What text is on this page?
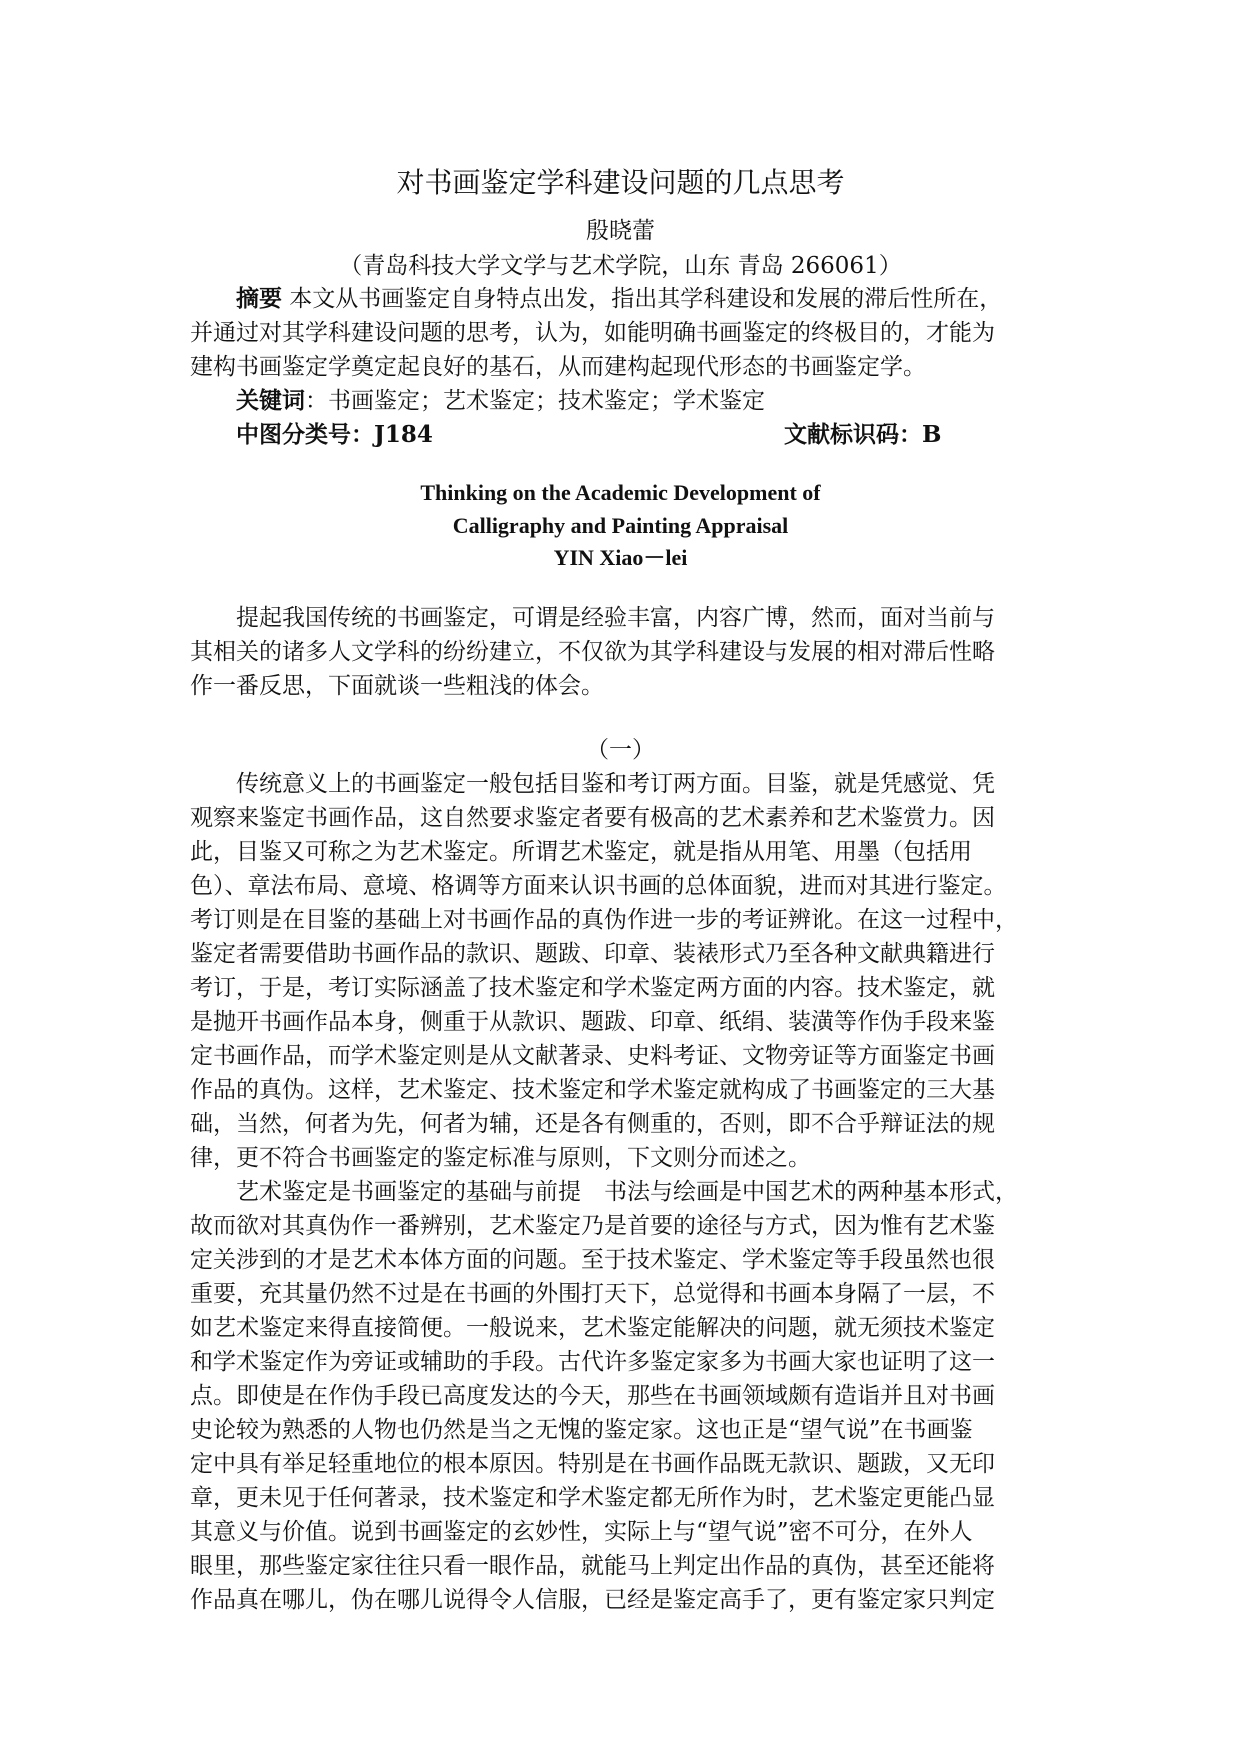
对书画鉴定学科建设问题的几点思考
殷晓蕾
（青岛科技大学文学与艺术学院，山东 青岛 266061）
摘要 本文从书画鉴定自身特点出发，指出其学科建设和发展的滞后性所在，
并通过对其学科建设问题的思考，认为，如能明确书画鉴定的终极目的，才能为
建构书画鉴定学奠定起良好的基石，从而建构起现代形态的书画鉴定学。
关键词：书画鉴定；艺术鉴定；技术鉴定；学术鉴定
中图分类号：J184	文献标识码：B
Thinking on the Academic Development of
Calligraphy and Painting Appraisal
YIN Xiao－lei
提起我国传统的书画鉴定，可谓是经验丰富，内容广博，然而，面对当前与
其相关的诸多人文学科的纷纷建立，不仅欲为其学科建设与发展的相对滞后性略
作一番反思，下面就谈一些粗浅的体会。
（一）
传统意义上的书画鉴定一般包括目鉴和考订两方面。目鉴，就是凭感觉、凭
观察来鉴定书画作品，这自然要求鉴定者要有极高的艺术素养和艺术鉴赏力。因
此，目鉴又可称之为艺术鉴定。所谓艺术鉴定，就是指从用笔、用墨（包括用
色）、章法布局、意境、格调等方面来认识书画的总体面貌，进而对其进行鉴定。
考订则是在目鉴的基础上对书画作品的真伪作进一步的考证辨讹。在这一过程中，
鉴定者需要借助书画作品的款识、题跋、印章、装裱形式乃至各种文献典籍进行
考订，于是，考订实际涵盖了技术鉴定和学术鉴定两方面的内容。技术鉴定，就
是抛开书画作品本身，侧重于从款识、题跋、印章、纸绢、装潢等作伪手段来鉴
定书画作品，而学术鉴定则是从文献著录、史料考证、文物旁证等方面鉴定书画
作品的真伪。这样，艺术鉴定、技术鉴定和学术鉴定就构成了书画鉴定的三大基
础，当然，何者为先，何者为辅，还是各有侧重的，否则，即不合乎辩证法的规
律，更不符合书画鉴定的鉴定标准与原则，下文则分而述之。
艺术鉴定是书画鉴定的基础与前提　书法与绘画是中国艺术的两种基本形式，
故而欲对其真伪作一番辨别，艺术鉴定乃是首要的途径与方式，因为惟有艺术鉴
定关涉到的才是艺术本体方面的问题。至于技术鉴定、学术鉴定等手段虽然也很
重要，充其量仍然不过是在书画的外围打天下，总觉得和书画本身隔了一层，不
如艺术鉴定来得直接简便。一般说来，艺术鉴定能解决的问题，就无须技术鉴定
和学术鉴定作为旁证或辅助的手段。古代许多鉴定家多为书画大家也证明了这一
点。即使是在作伪手段已高度发达的今天，那些在书画领域颇有造诣并且对书画
史论较为熟悉的人物也仍然是当之无愧的鉴定家。这也正是“望气说”在书画鉴
定中具有举足轻重地位的根本原因。特别是在书画作品既无款识、题跋，又无印
章，更未见于任何著录，技术鉴定和学术鉴定都无所作为时，艺术鉴定更能凸显
其意义与价值。说到书画鉴定的玄妙性，实际上与“望气说”密不可分，在外人
眼里，那些鉴定家往往只看一眼作品，就能马上判定出作品的真伪，甚至还能将
作品真在哪儿，伪在哪儿说得令人信服，已经是鉴定高手了，更有鉴定家只判定
